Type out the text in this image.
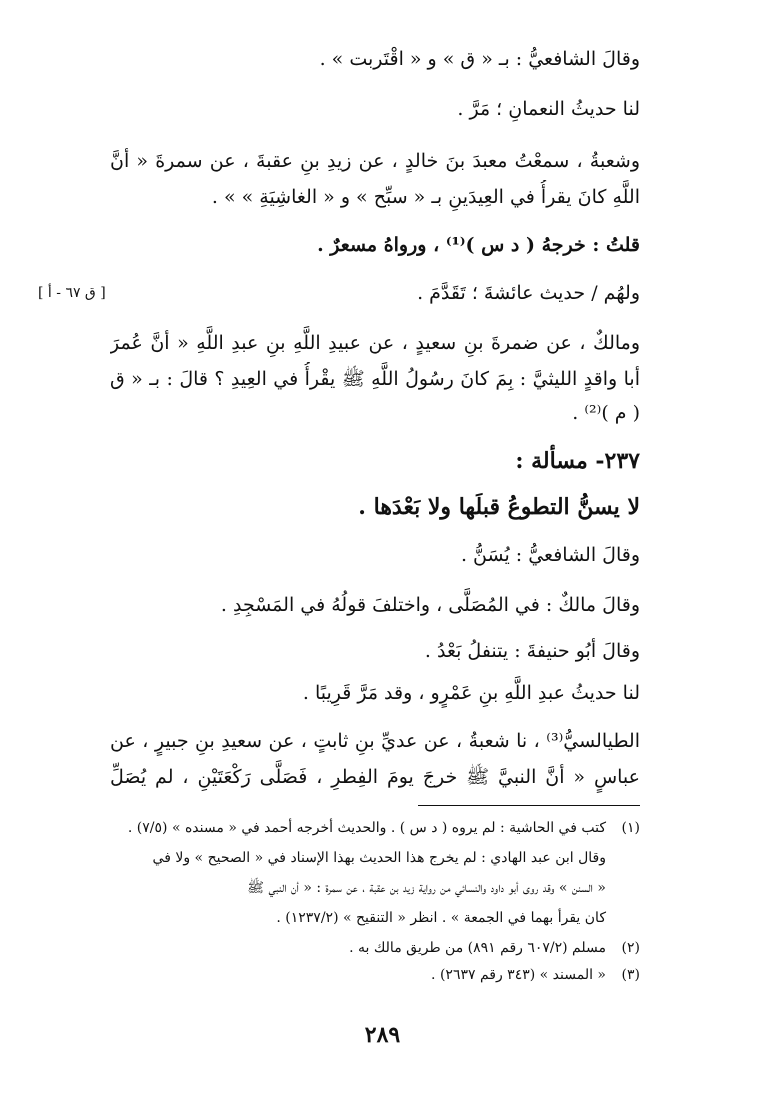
وقالَ الشافعيُّ : بـ « ق » و « اقْتَربت » .
لنا حديثُ النعمانِ ؛ مَرَّ .
وشعبةُ ، سمعْتُ معبدَ بنَ خالدٍ ، عن زيدِ بنِ عقبةَ ، عن سمرةَ « أنَّ
اللَّهِ كانَ يقرأُ في العِيدَينِ بـ « سبِّح » و « الغاشِيَةِ » » .
قلتُ : خرجهُ ( د س )⁽¹⁾ ، ورواهُ مسعرٌ .
ولهُم / حديث عائشةَ ؛ تَقَدَّمَ .
ومالكٌ ، عن ضمرةَ بنِ سعيدٍ ، عن عبيدِ اللَّهِ بنِ عبدِ اللَّهِ « أنَّ عُمرَ
أبا واقدٍ الليثيَّ : بِمَ كانَ رسُولُ اللَّهِ ﷺ يقْرأُ في العِيدِ ؟ قالَ : بـ « ق
( م )⁽²⁾ .
٢٣٧- مسألة :
لا يسنُّ التطوعُ قبلَها ولا بَعْدَها .
وقالَ الشافعيُّ : يُسَنُّ .
وقالَ مالكٌ : في المُصَلَّى ، واختلفَ قولُهُ في المَسْجِدِ .
وقالَ أبُو حنيفةَ : يتنفلُ بَعْدُ .
لنا حديثُ عبدِ اللَّهِ بنِ عَمْرٍو ، وقد مَرَّ قَرِيبًا .
الطيالسيُّ⁽³⁾ ، نا شعبةُ ، عن عديِّ بنِ ثابتٍ ، عن سعيدِ بنِ جبيرٍ ، عن
عباسٍ « أنَّ النبيَّ ﷺ خرجَ يومَ الفِطرِ ، فَصَلَّى رَكْعَتَيْنِ ، لم يُصَلِّ
[ ق ٦٧ - أ ]
(١)كتب في الحاشية : لم يروه ( د س ) . والحديث أخرجه أحمد في « مسنده » (٧/٥) .
وقال ابن عبد الهادي : لم يخرج هذا الحديث بهذا الإسناد في « الصحيح » ولا في
« السنن » وقد روى أبو داود والنسائي من رواية زيد بن عقبة ، عن سمرة : « أن النبي ﷺ
كان يقرأ بهما في الجمعة » . انظر « التنقيح » (١٢٣٧/٢) .
(٢)مسلم (٦٠٧/٢ رقم ٨٩١) من طريق مالك به .
(٣)« المسند » (٣٤٣ رقم ٢٦٣٧) .
٢٨٩
